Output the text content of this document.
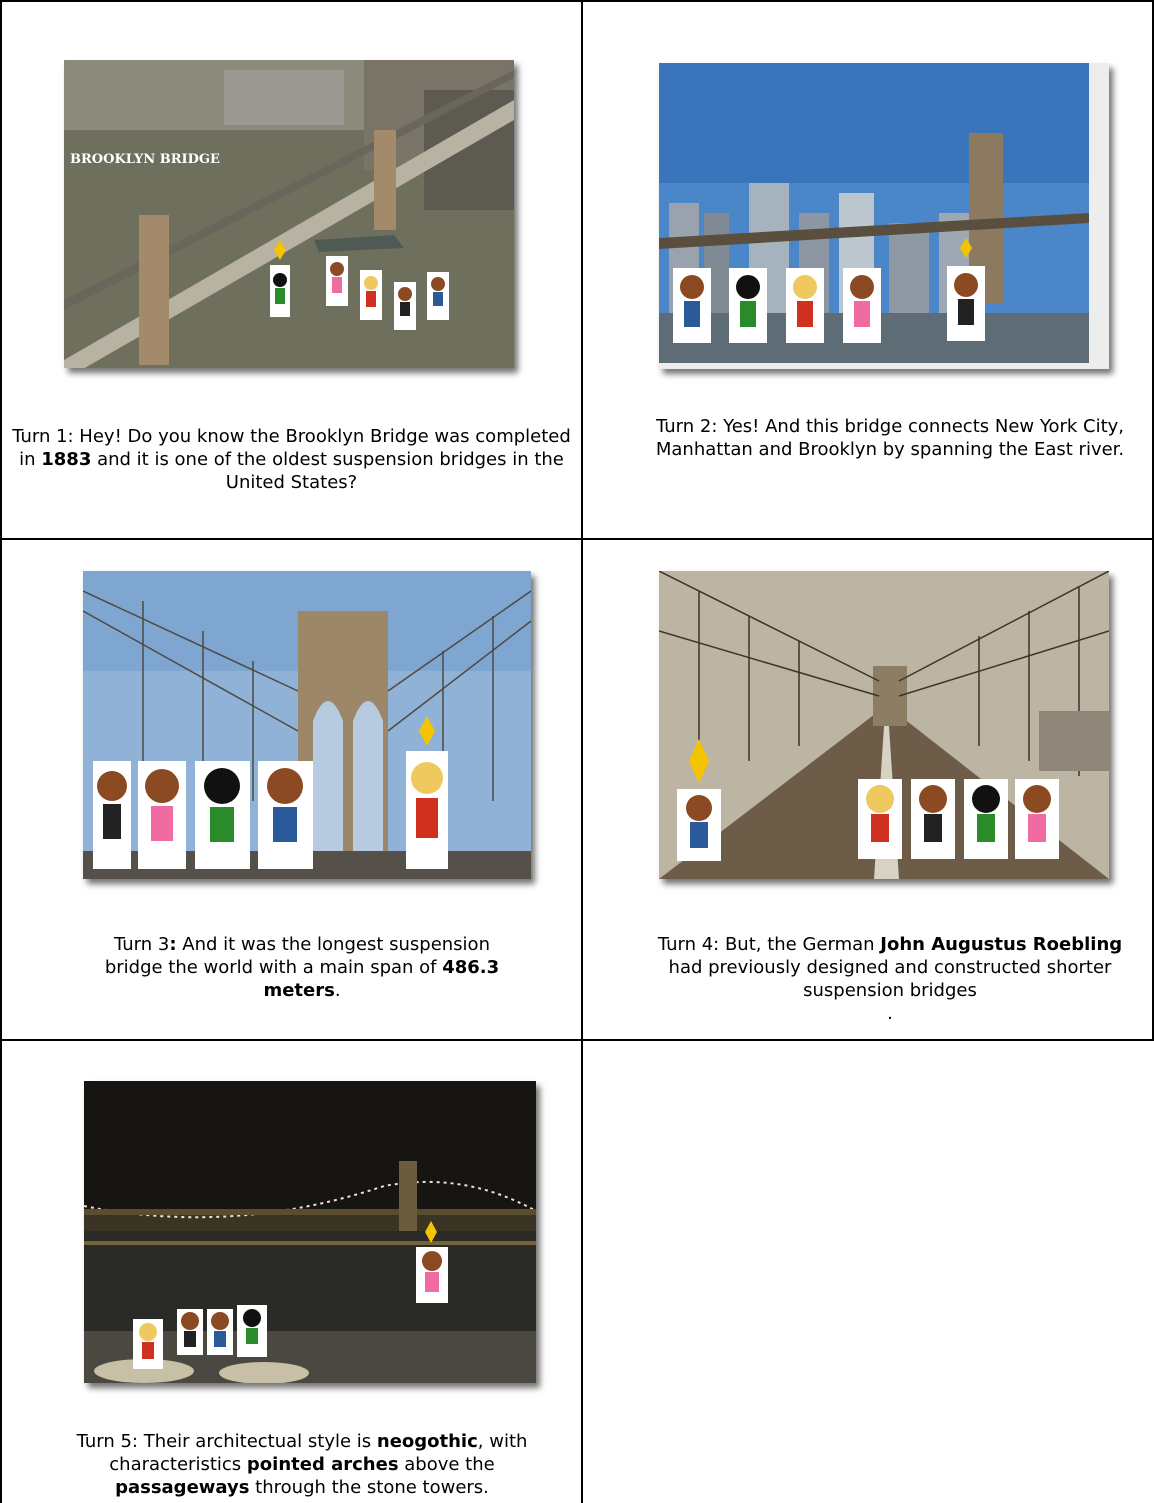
BROOKLYN BRIDGE
Turn 1: Hey! Do you know the Brooklyn Bridge was completed in 1883 and it is one of the oldest suspension bridges in the United States?
Turn 2: Yes! And this bridge connects New York City, Manhattan and Brooklyn by spanning the East river.
Turn 3: And it was the longest suspension bridge the world with a main span of 486.3 meters.
Turn 4: But, the German John Augustus Roebling had previously designed and constructed shorter suspension bridges
.
Turn 5: Their architectual style is neogothic, with characteristics pointed arches above the passageways through the stone towers.
